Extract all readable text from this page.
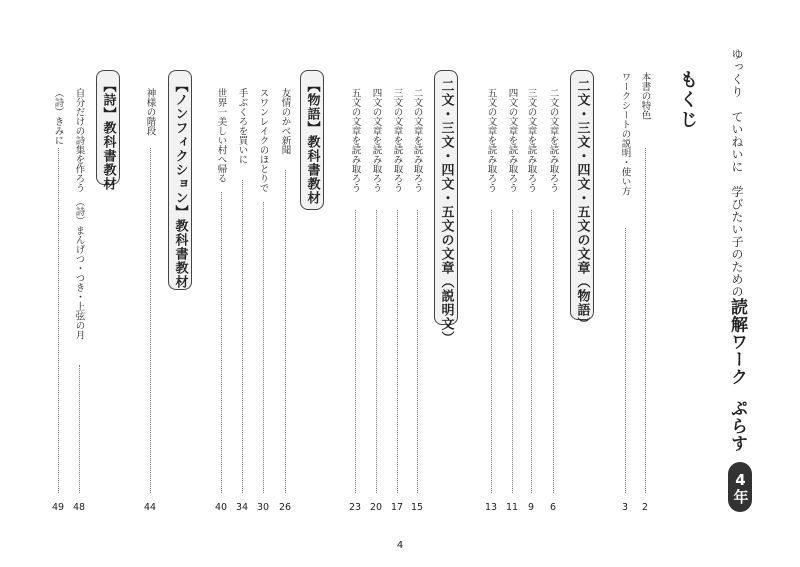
ゆっくり　ていねいに　学びたい子のための読解ワークぷらす
4年
もくじ
本書の特色
2
ワークシートの説明・使い方
3
二文・三文・四文・五文の文章（物語）
二文の文章を読み取ろう
6
三文の文章を読み取ろう
9
四文の文章を読み取ろう
11
五文の文章を読み取ろう
13
二文・三文・四文・五文の文章（説明文）
二文の文章を読み取ろう
15
三文の文章を読み取ろう
17
四文の文章を読み取ろう
20
五文の文章を読み取ろう
23
【物語】教科書教材
友情のかべ新聞
26
スワンレイクのほとりで
30
手ぶくろを買いに
34
世界一美しい村へ帰る
40
【ノンフィクション】教科書教材
神様の階段
44
【詩】教科書教材
自分だけの詩集を作ろう　（詩）まんげつ・つき・上弦の月
48
（詩）きみに
49
4
